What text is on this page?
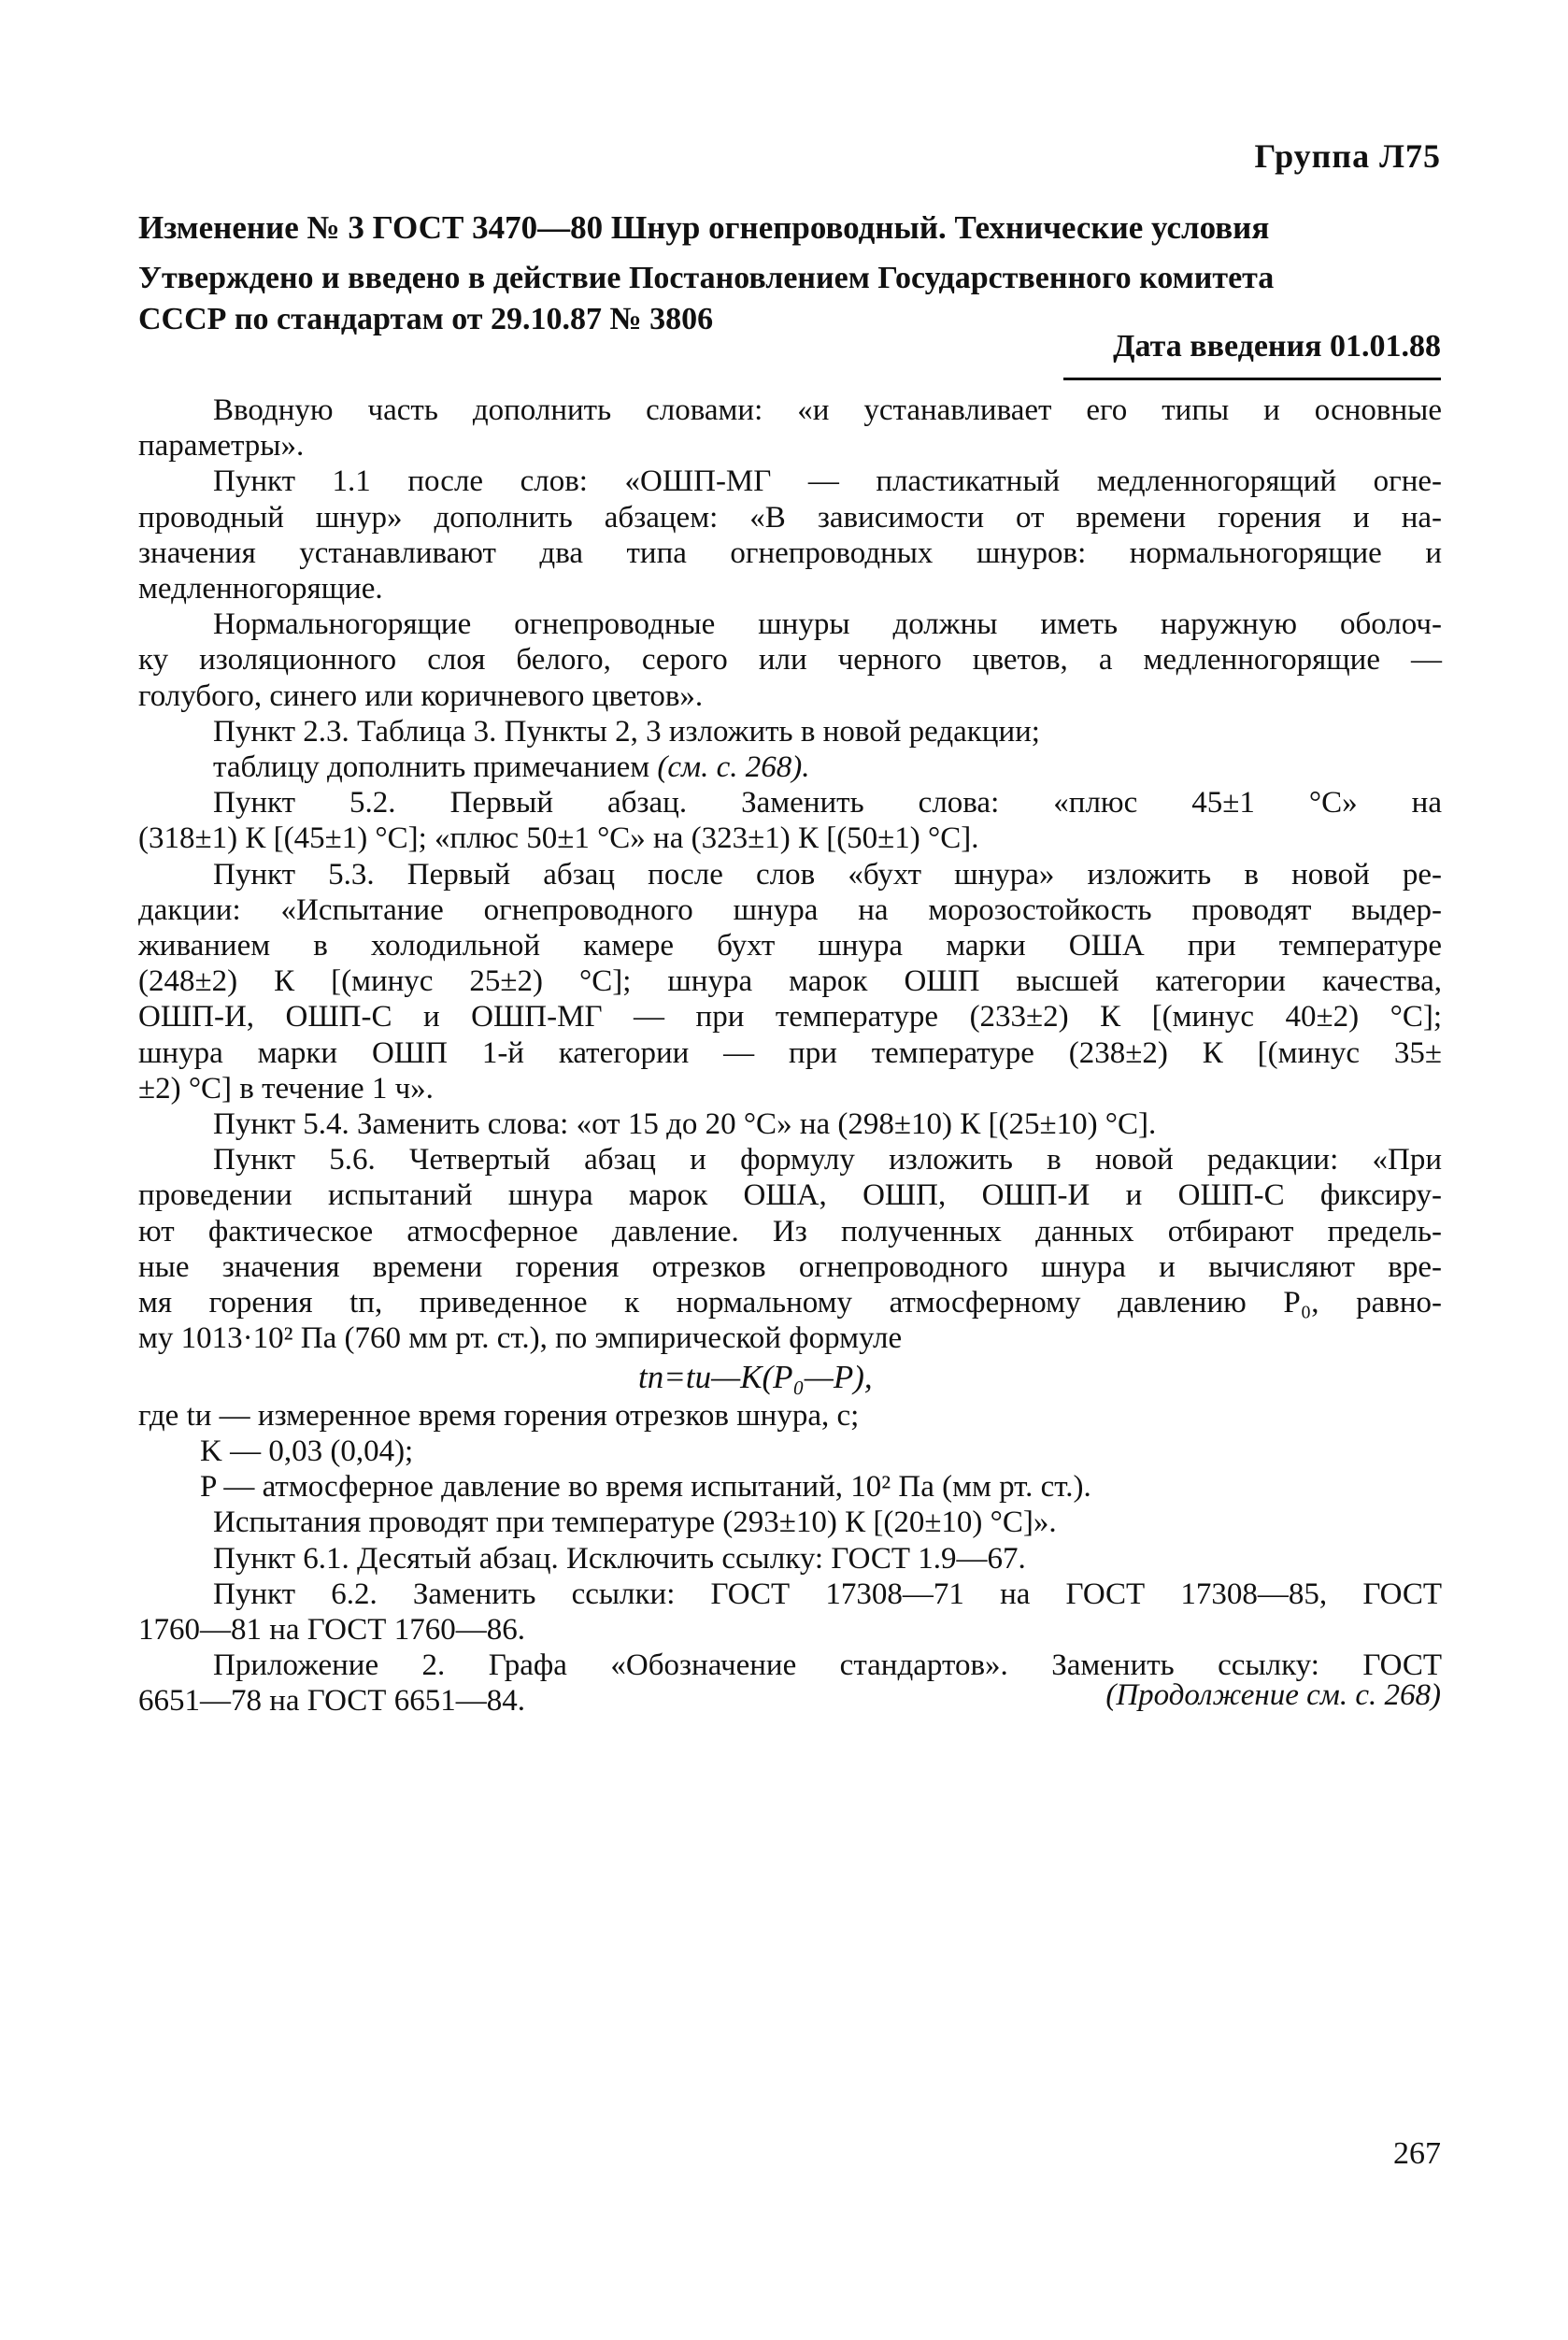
Группа Л75
Изменение № 3 ГОСТ 3470—80 Шнур огнепроводный. Технические условия
Утверждено и введено в действие Постановлением Государственного комитета
СССР по стандартам от 29.10.87 № 3806
Дата введения 01.01.88
Вводную часть дополнить словами: «и устанавливает его типы и основные
параметры».
Пункт 1.1 после слов: «ОШП-МГ — пластикатный медленногорящий огне-
проводный шнур» дополнить абзацем: «В зависимости от времени горения и на-
значения устанавливают два типа огнепроводных шнуров: нормальногорящие и
медленногорящие.
Нормальногорящие огнепроводные шнуры должны иметь наружную оболоч-
ку изоляционного слоя белого, серого или черного цветов, а медленногорящие —
голубого, синего или коричневого цветов».
Пункт 2.3. Таблица 3. Пункты 2, 3 изложить в новой редакции;
таблицу дополнить примечанием (см. с. 268).
Пункт 5.2. Первый абзац. Заменить слова: «плюс 45±1 °С» на
(318±1) К [(45±1) °С]; «плюс 50±1 °С» на (323±1) К [(50±1) °С].
Пункт 5.3. Первый абзац после слов «бухт шнура» изложить в новой ре-
дакции: «Испытание огнепроводного шнура на морозостойкость проводят выдер-
живанием в холодильной камере бухт шнура марки ОША при температуре
(248±2) К [(минус 25±2) °С]; шнура марок ОШП высшей категории качества,
ОШП-И, ОШП-С и ОШП-МГ — при температуре (233±2) К [(минус 40±2) °С];
шнура марки ОШП 1-й категории — при температуре (238±2) К [(минус 35±
±2) °С] в течение 1 ч».
Пункт 5.4. Заменить слова: «от 15 до 20 °С» на (298±10) К [(25±10) °С].
Пункт 5.6. Четвертый абзац и формулу изложить в новой редакции: «При
проведении испытаний шнура марок ОША, ОШП, ОШП-И и ОШП-С фиксиру-
ют фактическое атмосферное давление. Из полученных данных отбирают предель-
ные значения времени горения отрезков огнепроводного шнура и вычисляют вре-
мя горения tп, приведенное к нормальному атмосферному давлению P₀, равно-
му 1013·10² Па (760 мм рт. ст.), по эмпирической формуле
tп=tи—K(P₀—P),
где tи — измеренное время горения отрезков шнура, с;
K — 0,03 (0,04);
P — атмосферное давление во время испытаний, 10² Па (мм рт. ст.).
Испытания проводят при температуре (293±10) К [(20±10) °С]».
Пункт 6.1. Десятый абзац. Исключить ссылку: ГОСТ 1.9—67.
Пункт 6.2. Заменить ссылки: ГОСТ 17308—71 на ГОСТ 17308—85, ГОСТ
1760—81 на ГОСТ 1760—86.
Приложение 2. Графа «Обозначение стандартов». Заменить ссылку: ГОСТ
6651—78 на ГОСТ 6651—84.	(Продолжение см. с. 268)
267
